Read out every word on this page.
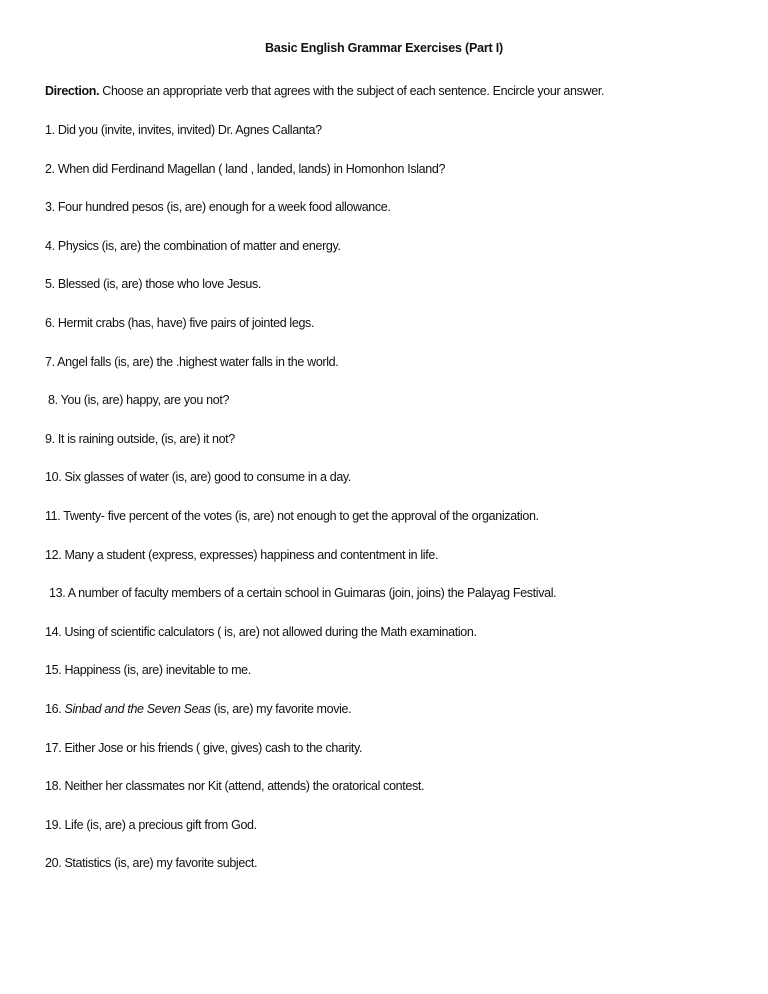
Basic English Grammar Exercises (Part I)
Direction. Choose an appropriate verb that agrees with the subject of each sentence. Encircle your answer.
1. Did you (invite, invites, invited) Dr. Agnes Callanta?
2. When did Ferdinand Magellan ( land , landed, lands) in Homonhon Island?
3. Four hundred pesos (is, are) enough for a week food allowance.
4. Physics (is, are) the combination of matter and energy.
5. Blessed (is, are) those who love Jesus.
6. Hermit crabs (has, have) five pairs of jointed legs.
7. Angel falls (is, are) the .highest water falls in the world.
8. You (is, are) happy, are you not?
9. It is raining outside, (is, are) it not?
10. Six glasses of water (is, are) good to consume in a day.
11. Twenty- five percent of the votes (is, are) not enough to get the approval of the organization.
12. Many a student (express, expresses) happiness and contentment in life.
13. A number of faculty members of a certain school in Guimaras (join, joins) the Palayag Festival.
14. Using of scientific calculators ( is, are) not allowed during the Math examination.
15. Happiness (is, are) inevitable to me.
16. Sinbad and the Seven Seas (is, are) my favorite movie.
17. Either Jose or his friends ( give, gives) cash to the charity.
18. Neither her classmates nor Kit (attend, attends) the oratorical contest.
19. Life (is, are) a precious gift from God.
20. Statistics (is, are) my favorite subject.
